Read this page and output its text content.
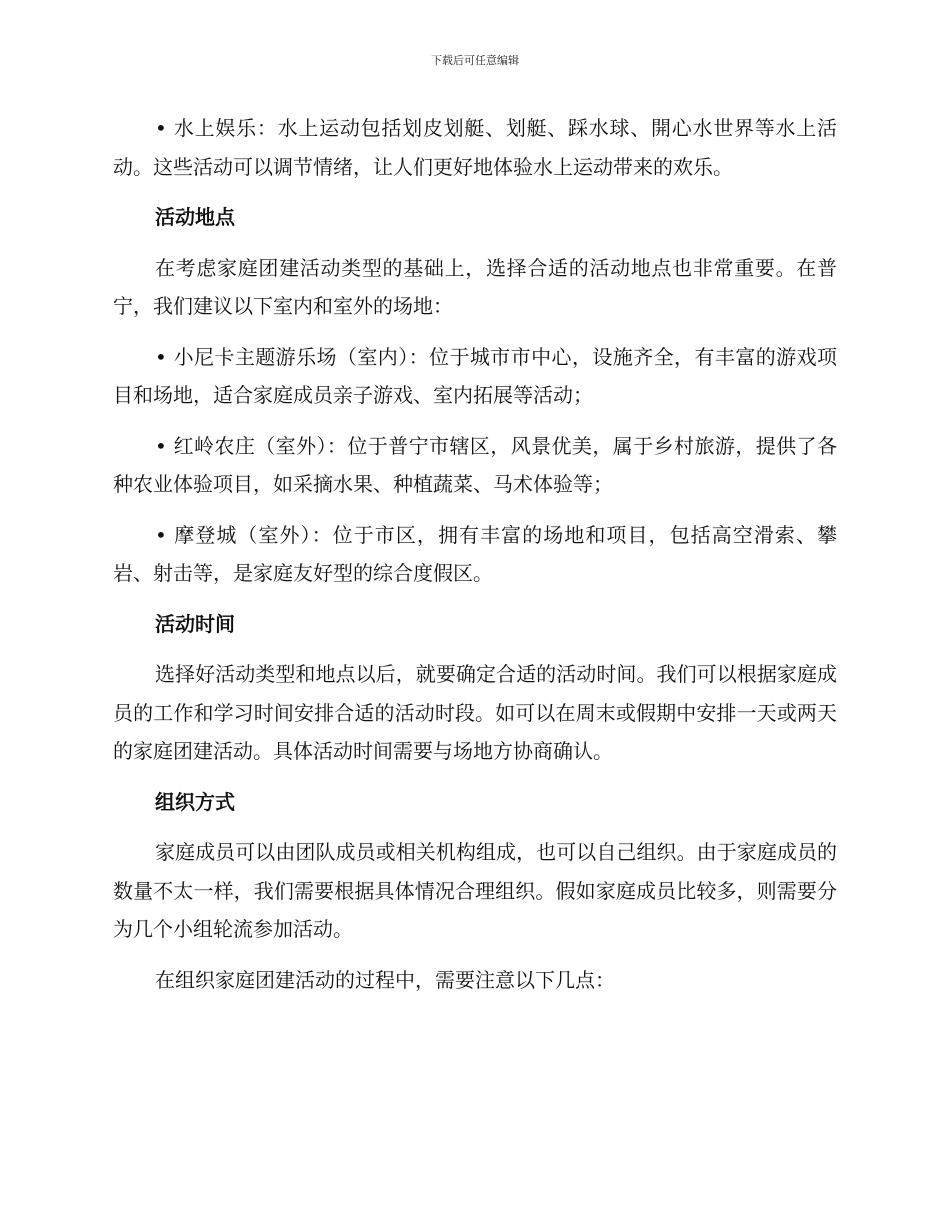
下载后可任意编辑

• 水上娱乐：水上运动包括划皮划艇、划艇、踩水球、開心水世界等水上活动。这些活动可以调节情绪，让人们更好地体验水上运动带来的欢乐。

活动地点

在考虑家庭团建活动类型的基础上，选择合适的活动地点也非常重要。在普宁，我们建议以下室内和室外的场地：

• 小尼卡主题游乐场（室内）：位于城市市中心，设施齐全，有丰富的游戏项目和场地，适合家庭成员亲子游戏、室内拓展等活动；

• 红岭农庄（室外）：位于普宁市辖区，风景优美，属于乡村旅游，提供了各种农业体验项目，如采摘水果、种植蔬菜、马术体验等；

• 摩登城（室外）：位于市区，拥有丰富的场地和项目，包括高空滑索、攀岩、射击等，是家庭友好型的综合度假区。

活动时间

选择好活动类型和地点以后，就要确定合适的活动时间。我们可以根据家庭成员的工作和学习时间安排合适的活动时段。如可以在周末或假期中安排一天或两天的家庭团建活动。具体活动时间需要与场地方协商确认。

组织方式

家庭成员可以由团队成员或相关机构组成，也可以自己组织。由于家庭成员的数量不太一样，我们需要根据具体情况合理组织。假如家庭成员比较多，则需要分为几个小组轮流参加活动。

在组织家庭团建活动的过程中，需要注意以下几点：
